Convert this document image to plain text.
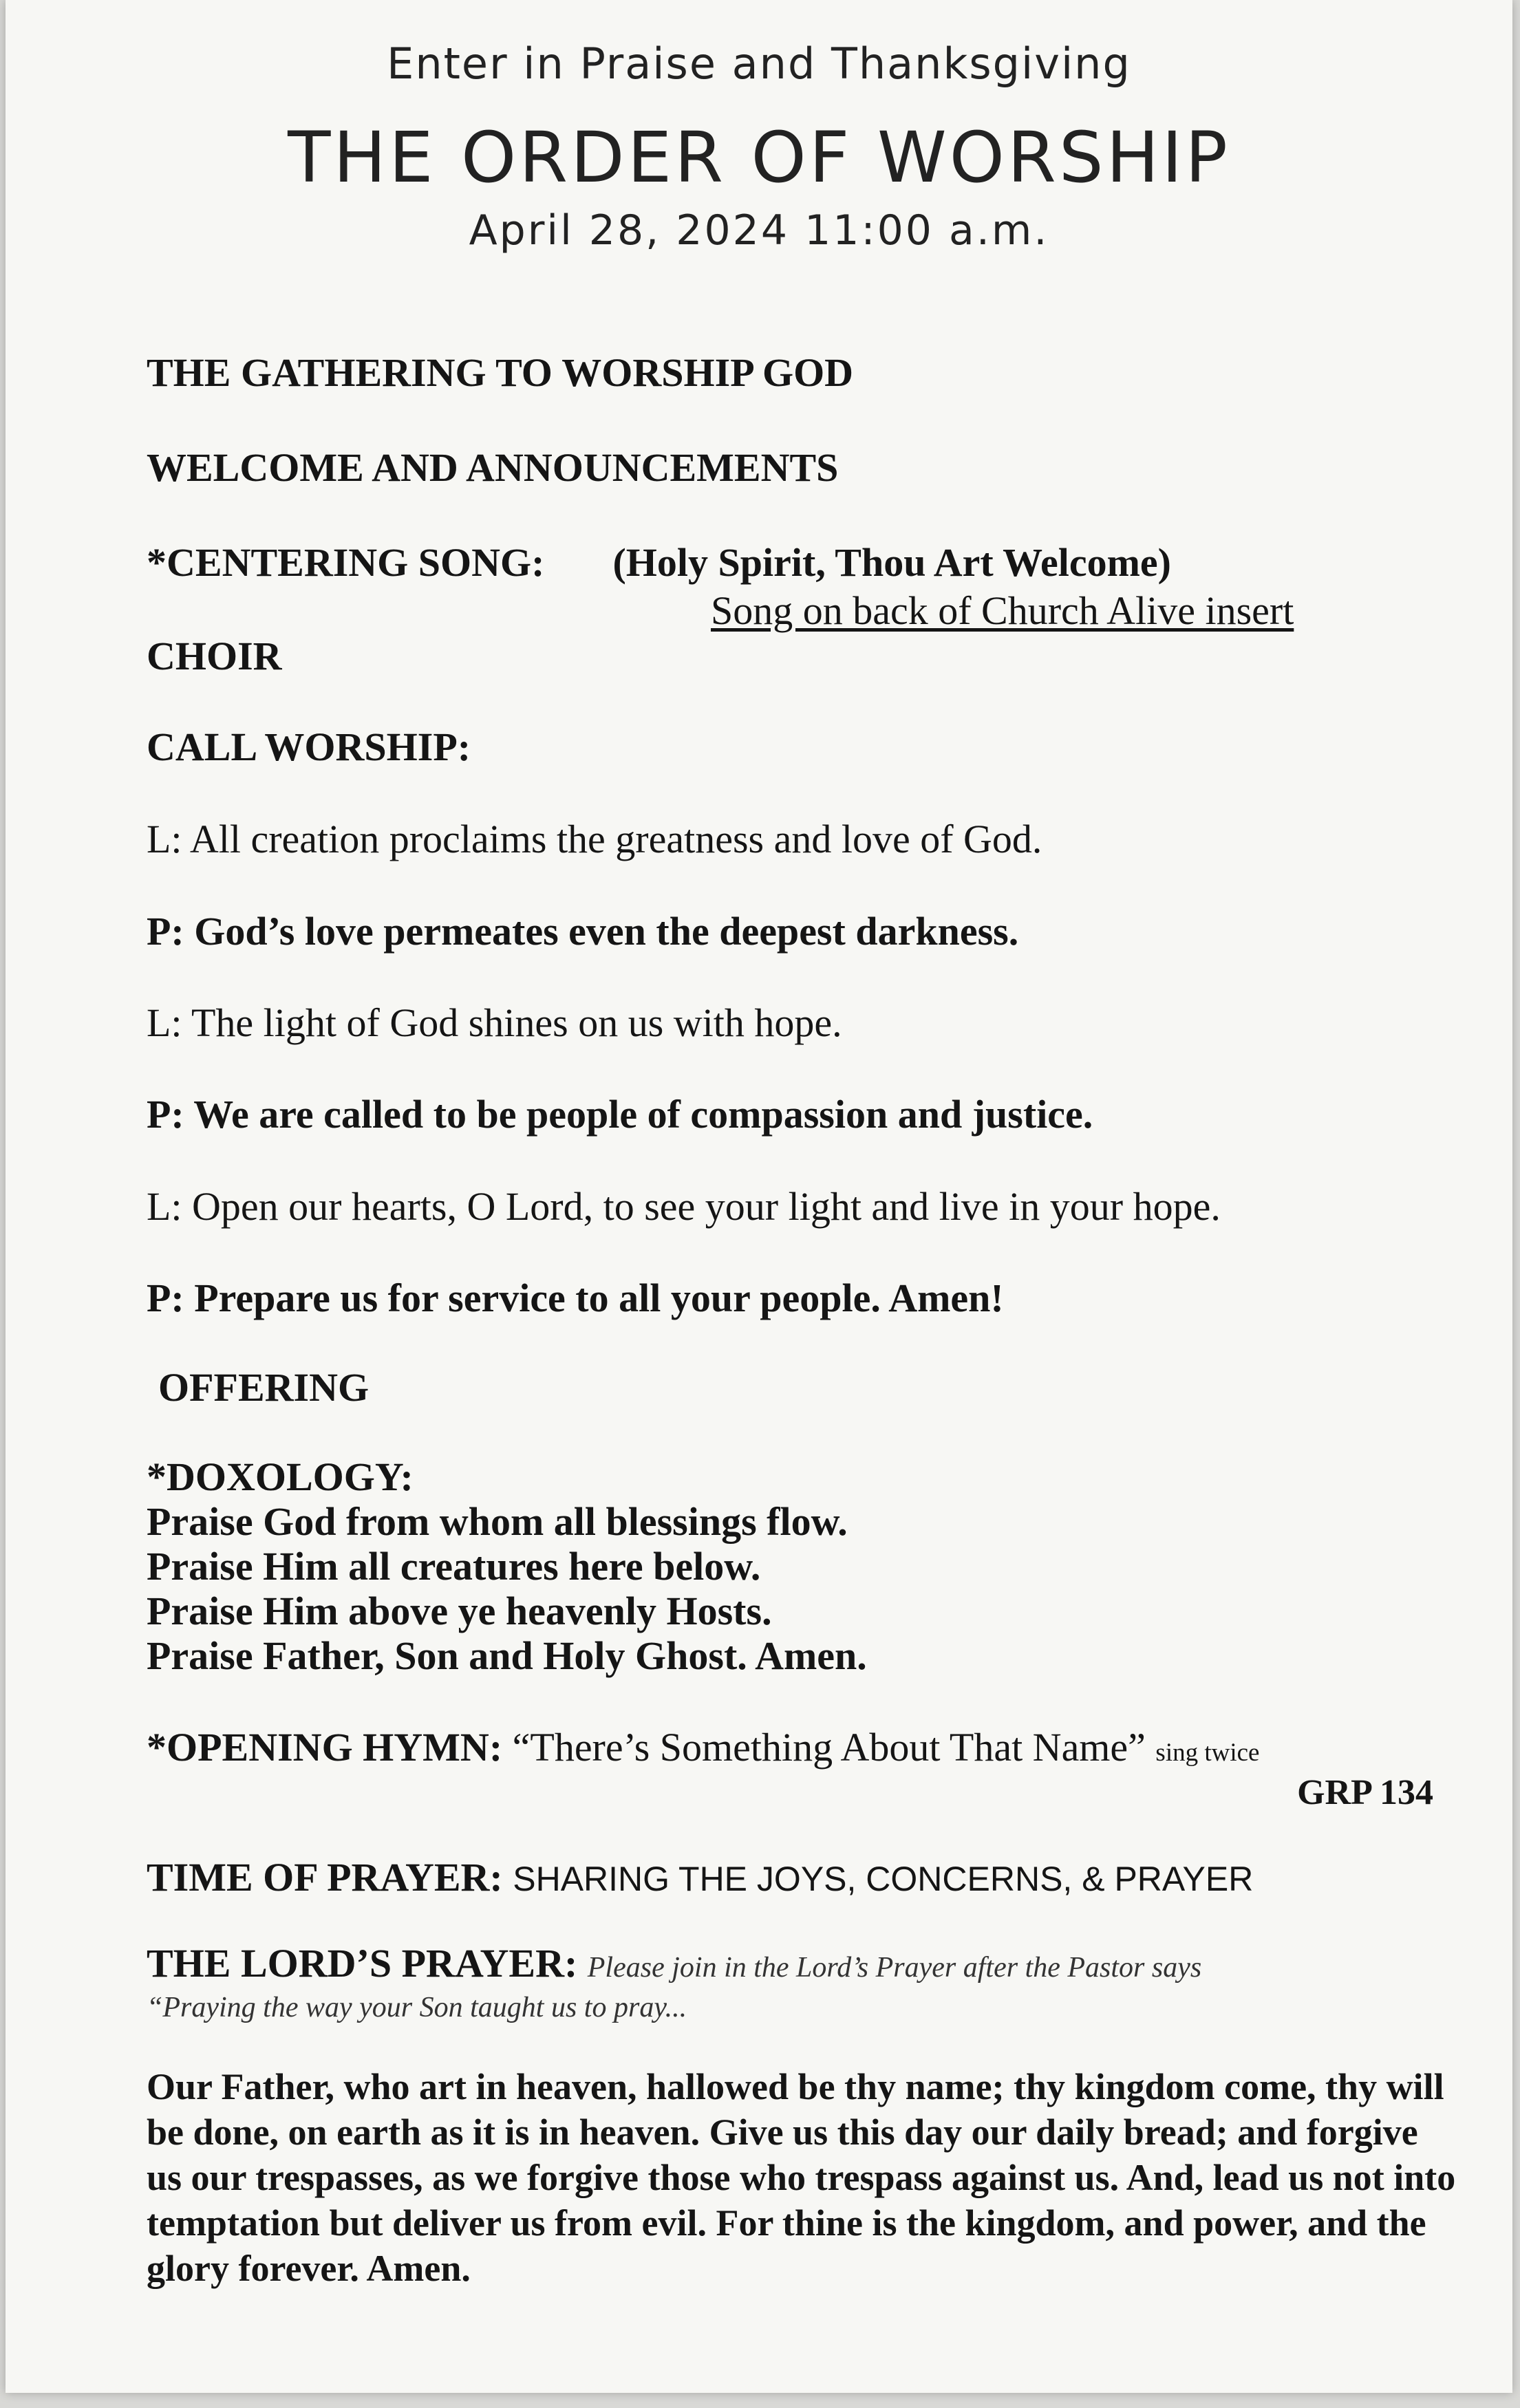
Enter in Praise and Thanksgiving
THE ORDER OF WORSHIP
April 28, 2024 11:00 a.m.
THE GATHERING TO WORSHIP GOD
WELCOME AND ANNOUNCEMENTS
*CENTERING SONG: (Holy Spirit, Thou Art Welcome)
Song on back of Church Alive insert
CHOIR
CALL WORSHIP:
L: All creation proclaims the greatness and love of God.
P: God’s love permeates even the deepest darkness.
L: The light of God shines on us with hope.
P: We are called to be people of compassion and justice.
L: Open our hearts, O Lord, to see your light and live in your hope.
P: Prepare us for service to all your people. Amen!
OFFERING
*DOXOLOGY:
Praise God from whom all blessings flow.
Praise Him all creatures here below.
Praise Him above ye heavenly Hosts.
Praise Father, Son and Holy Ghost. Amen.
*OPENING HYMN: “There’s Something About That Name” sing twice
GRP 134
TIME OF PRAYER: SHARING THE JOYS, CONCERNS, & PRAYER
THE LORD’S PRAYER: Please join in the Lord’s Prayer after the Pastor says
“Praying the way your Son taught us to pray...
Our Father, who art in heaven, hallowed be thy name; thy kingdom come, thy will be done, on earth as it is in heaven. Give us this day our daily bread; and forgive us our trespasses, as we forgive those who trespass against us. And, lead us not into temptation but deliver us from evil. For thine is the kingdom, and power, and the glory forever. Amen.
